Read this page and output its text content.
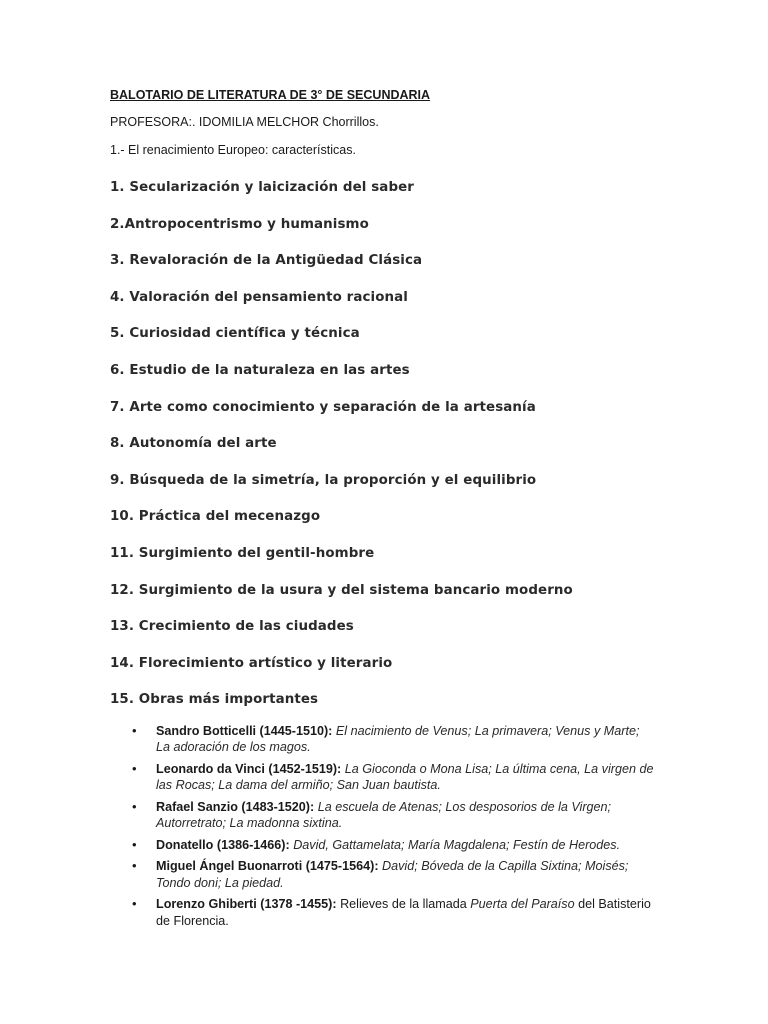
BALOTARIO DE LITERATURA DE 3° DE SECUNDARIA

PROFESORA:. IDOMILIA MELCHOR Chorrillos.

1.- El renacimiento Europeo: características.

1. Secularización y laicización del saber
2.Antropocentrismo y humanismo
3. Revaloración de la Antigüedad Clásica
4. Valoración del pensamiento racional
5. Curiosidad científica y técnica
6. Estudio de la naturaleza en las artes
7. Arte como conocimiento y separación de la artesanía
8. Autonomía del arte
9. Búsqueda de la simetría, la proporción y el equilibrio
10. Práctica del mecenazgo
11. Surgimiento del gentil-hombre
12. Surgimiento de la usura y del sistema bancario moderno
13. Crecimiento de las ciudades
14. Florecimiento artístico y literario
15. Obras más importantes
• Sandro Botticelli (1445-1510): El nacimiento de Venus; La primavera; Venus y Marte; La adoración de los magos.
• Leonardo da Vinci (1452-1519): La Gioconda o Mona Lisa; La última cena, La virgen de las Rocas; La dama del armiño; San Juan bautista.
• Rafael Sanzio (1483-1520): La escuela de Atenas; Los desposorios de la Virgen; Autorretrato; La madonna sixtina.
• Donatello (1386-1466): David, Gattamelata; María Magdalena; Festín de Herodes.
• Miguel Ángel Buonarroti (1475-1564): David; Bóveda de la Capilla Sixtina; Moisés; Tondo doni; La piedad.
• Lorenzo Ghiberti (1378 -1455): Relieves de la llamada Puerta del Paraíso del Batisterio de Florencia.
